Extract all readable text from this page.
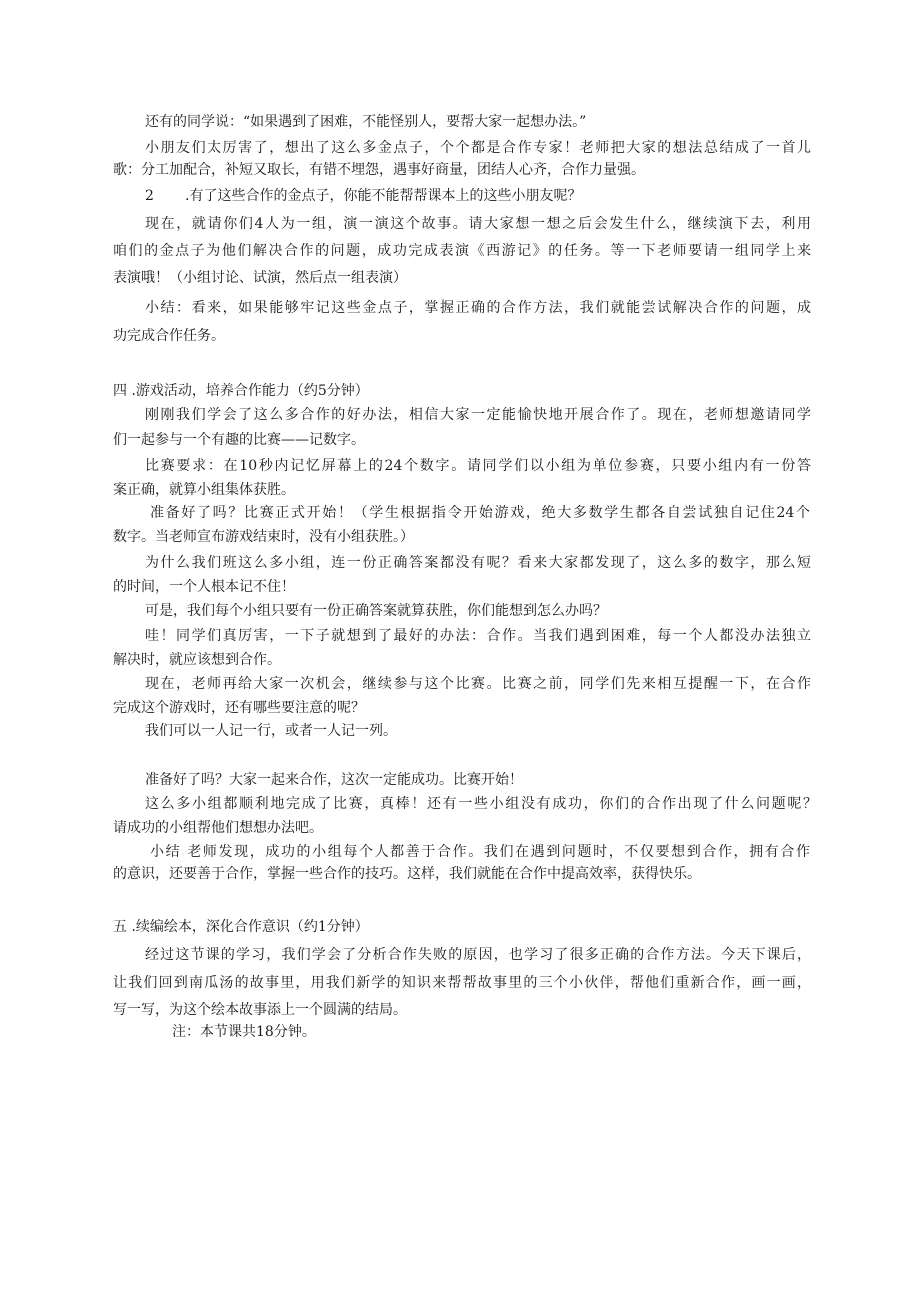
还有的同学说：“如果遇到了困难，不能怪别人，要帮大家一起想办法。”
小朋友们太厉害了，想出了这么多金点子，个个都是合作专家！老师把大家的想法总结成了一首儿
歌：分工加配合，补短又取长，有错不埋怨，遇事好商量，团结人心齐，合作力量强。
2 .有了这些合作的金点子，你能不能帮帮课本上的这些小朋友呢？
现在，就请你们4人为一组，演一演这个故事。请大家想一想之后会发生什么，继续演下去，利用
咱们的金点子为他们解决合作的问题，成功完成表演《西游记》的任务。等一下老师要请一组同学上来
表演哦！（小组讨论、试演，然后点一组表演）
小结：看来，如果能够牢记这些金点子，掌握正确的合作方法，我们就能尝试解决合作的问题，成
功完成合作任务。
四 .游戏活动，培养合作能力（约5分钟）
刚刚我们学会了这么多合作的好办法，相信大家一定能愉快地开展合作了。现在，老师想邀请同学
们一起参与一个有趣的比赛——记数字。
比赛要求：在10秒内记忆屏幕上的24个数字。请同学们以小组为单位参赛，只要小组内有一份答
案正确，就算小组集体获胜。
准备好了吗？比赛正式开始！（学生根据指令开始游戏，绝大多数学生都各自尝试独自记住24个
数字。当老师宣布游戏结束时，没有小组获胜。）
为什么我们班这么多小组，连一份正确答案都没有呢？看来大家都发现了，这么多的数字，那么短
的时间，一个人根本记不住！
可是，我们每个小组只要有一份正确答案就算获胜，你们能想到怎么办吗？
哇！同学们真厉害，一下子就想到了最好的办法：合作。当我们遇到困难，每一个人都没办法独立
解决时，就应该想到合作。
现在，老师再给大家一次机会，继续参与这个比赛。比赛之前，同学们先来相互提醒一下，在合作
完成这个游戏时，还有哪些要注意的呢？
我们可以一人记一行，或者一人记一列。
准备好了吗？大家一起来合作，这次一定能成功。比赛开始！
这么多小组都顺利地完成了比赛，真棒！还有一些小组没有成功，你们的合作出现了什么问题呢？
请成功的小组帮他们想想办法吧。
小结 老师发现，成功的小组每个人都善于合作。我们在遇到问题时，不仅要想到合作，拥有合作
的意识，还要善于合作，掌握一些合作的技巧。这样，我们就能在合作中提高效率，获得快乐。
五 .续编绘本，深化合作意识（约1分钟）
经过这节课的学习，我们学会了分析合作失败的原因，也学习了很多正确的合作方法。今天下课后，
让我们回到南瓜汤的故事里，用我们新学的知识来帮帮故事里的三个小伙伴，帮他们重新合作，画一画，
写一写，为这个绘本故事添上一个圆满的结局。
注：本节课共18分钟。
